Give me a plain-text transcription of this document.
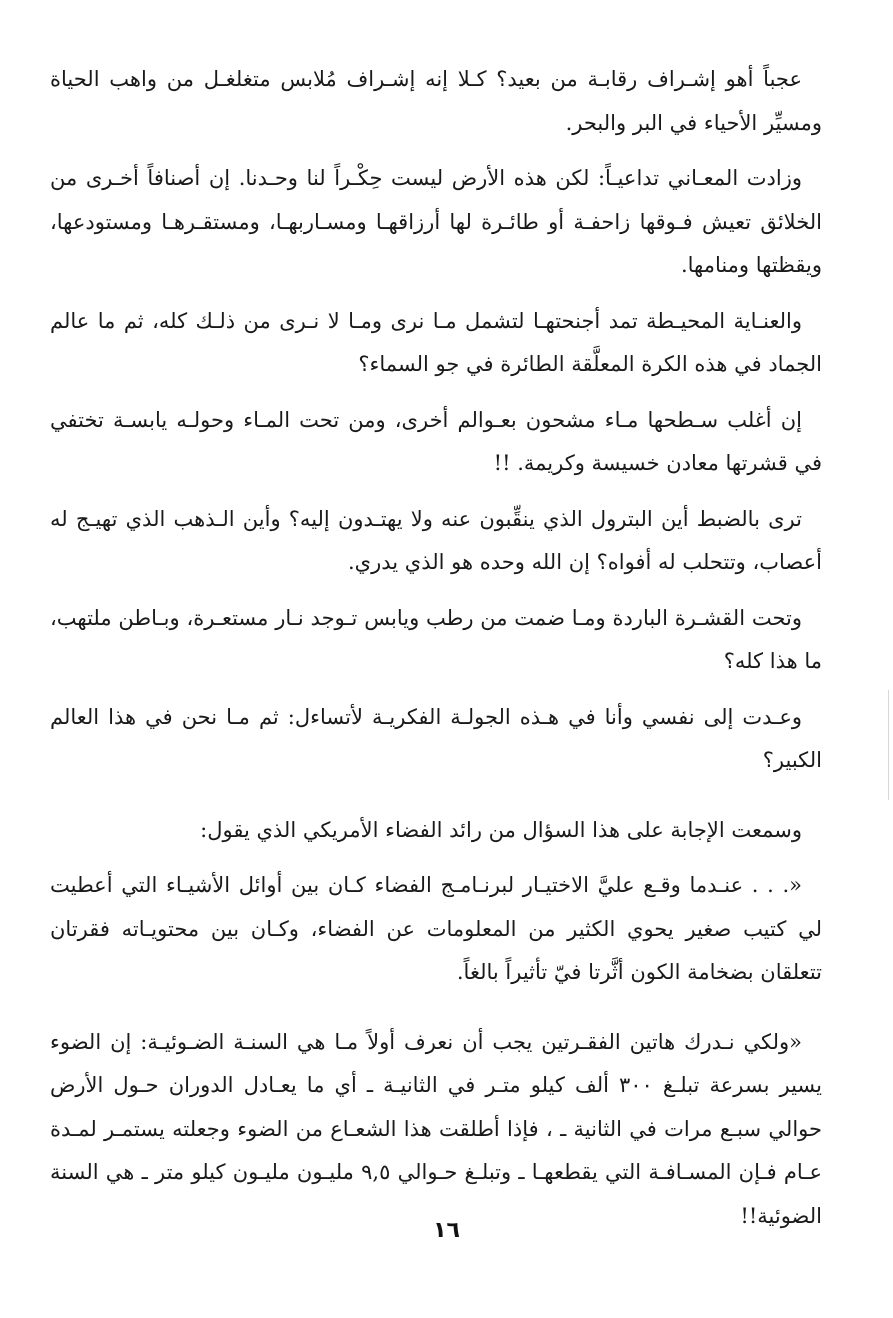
عجباً أهو إشـراف رقابـة من بعيد؟ كـلا إنه إشـراف مُلابس متغلغـل من واهب الحياة ومسيِّر الأحياء في البر والبحر.

وزادت المعـاني تداعيـاً: لكن هذه الأرض ليست حِكْـراً لنا وحـدنا. إن أصنافاً أخـرى من الخلائق تعيش فـوقها زاحفـة أو طائـرة لها أرزاقهـا ومسـاربهـا، ومستقـرهـا ومستودعها، ويقظتها ومنامها.

والعنـاية المحيـطة تمد أجنحتهـا لتشمل مـا نرى ومـا لا نـرى من ذلـك كله، ثم ما عالم الجماد في هذه الكرة المعلَّقة الطائرة في جو السماء؟

إن أغلب سـطحها مـاء مشحون بعـوالم أخرى، ومن تحت المـاء وحولـه يابسـة تختفي في قشرتها معادن خسيسة وكريمة. !!

ترى بالضبط أين البترول الذي ينقِّبون عنه ولا يهتـدون إليه؟ وأين الـذهب الذي تهيـج له أعصاب، وتتحلب له أفواه؟ إن الله وحده هو الذي يدري.

وتحت القشـرة الباردة ومـا ضمت من رطب ويابس تـوجد نـار مستعـرة، وبـاطن ملتهب، ما هذا كله؟

وعـدت إلى نفسي وأنا في هـذه الجولـة الفكريـة لأتساءل: ثم مـا نحن في هذا العالم الكبير؟

وسمعت الإجابة على هذا السؤال من رائد الفضاء الأمريكي الذي يقول:

«. . . عنـدما وقـع عليَّ الاختيـار لبرنـامـج الفضاء كـان بين أوائل الأشيـاء التي أعطيت لي كتيب صغير يحوي الكثير من المعلومات عن الفضاء، وكـان بين محتويـاته فقرتان تتعلقان بضخامة الكون أثَّرتا فيّ تأثيراً بالغاً.

«ولكي نـدرك هاتين الفقـرتين يجب أن نعرف أولاً مـا هي السنـة الضـوئيـة: إن الضوء يسير بسرعة تبلـغ ٣٠٠ ألف كيلو متـر في الثانيـة ـ أي ما يعـادل الدوران حـول الأرض حوالي سبـع مرات في الثانية ـ ، فإذا أطلقت هذا الشعـاع من الضوء وجعلته يستمـر لمـدة عـام فـإن المسـافـة التي يقطعهـا ـ وتبلـغ حـوالي ٩,٥ مليـون مليـون كيلو متر ـ هي السنة الضوئية!!

١٦
